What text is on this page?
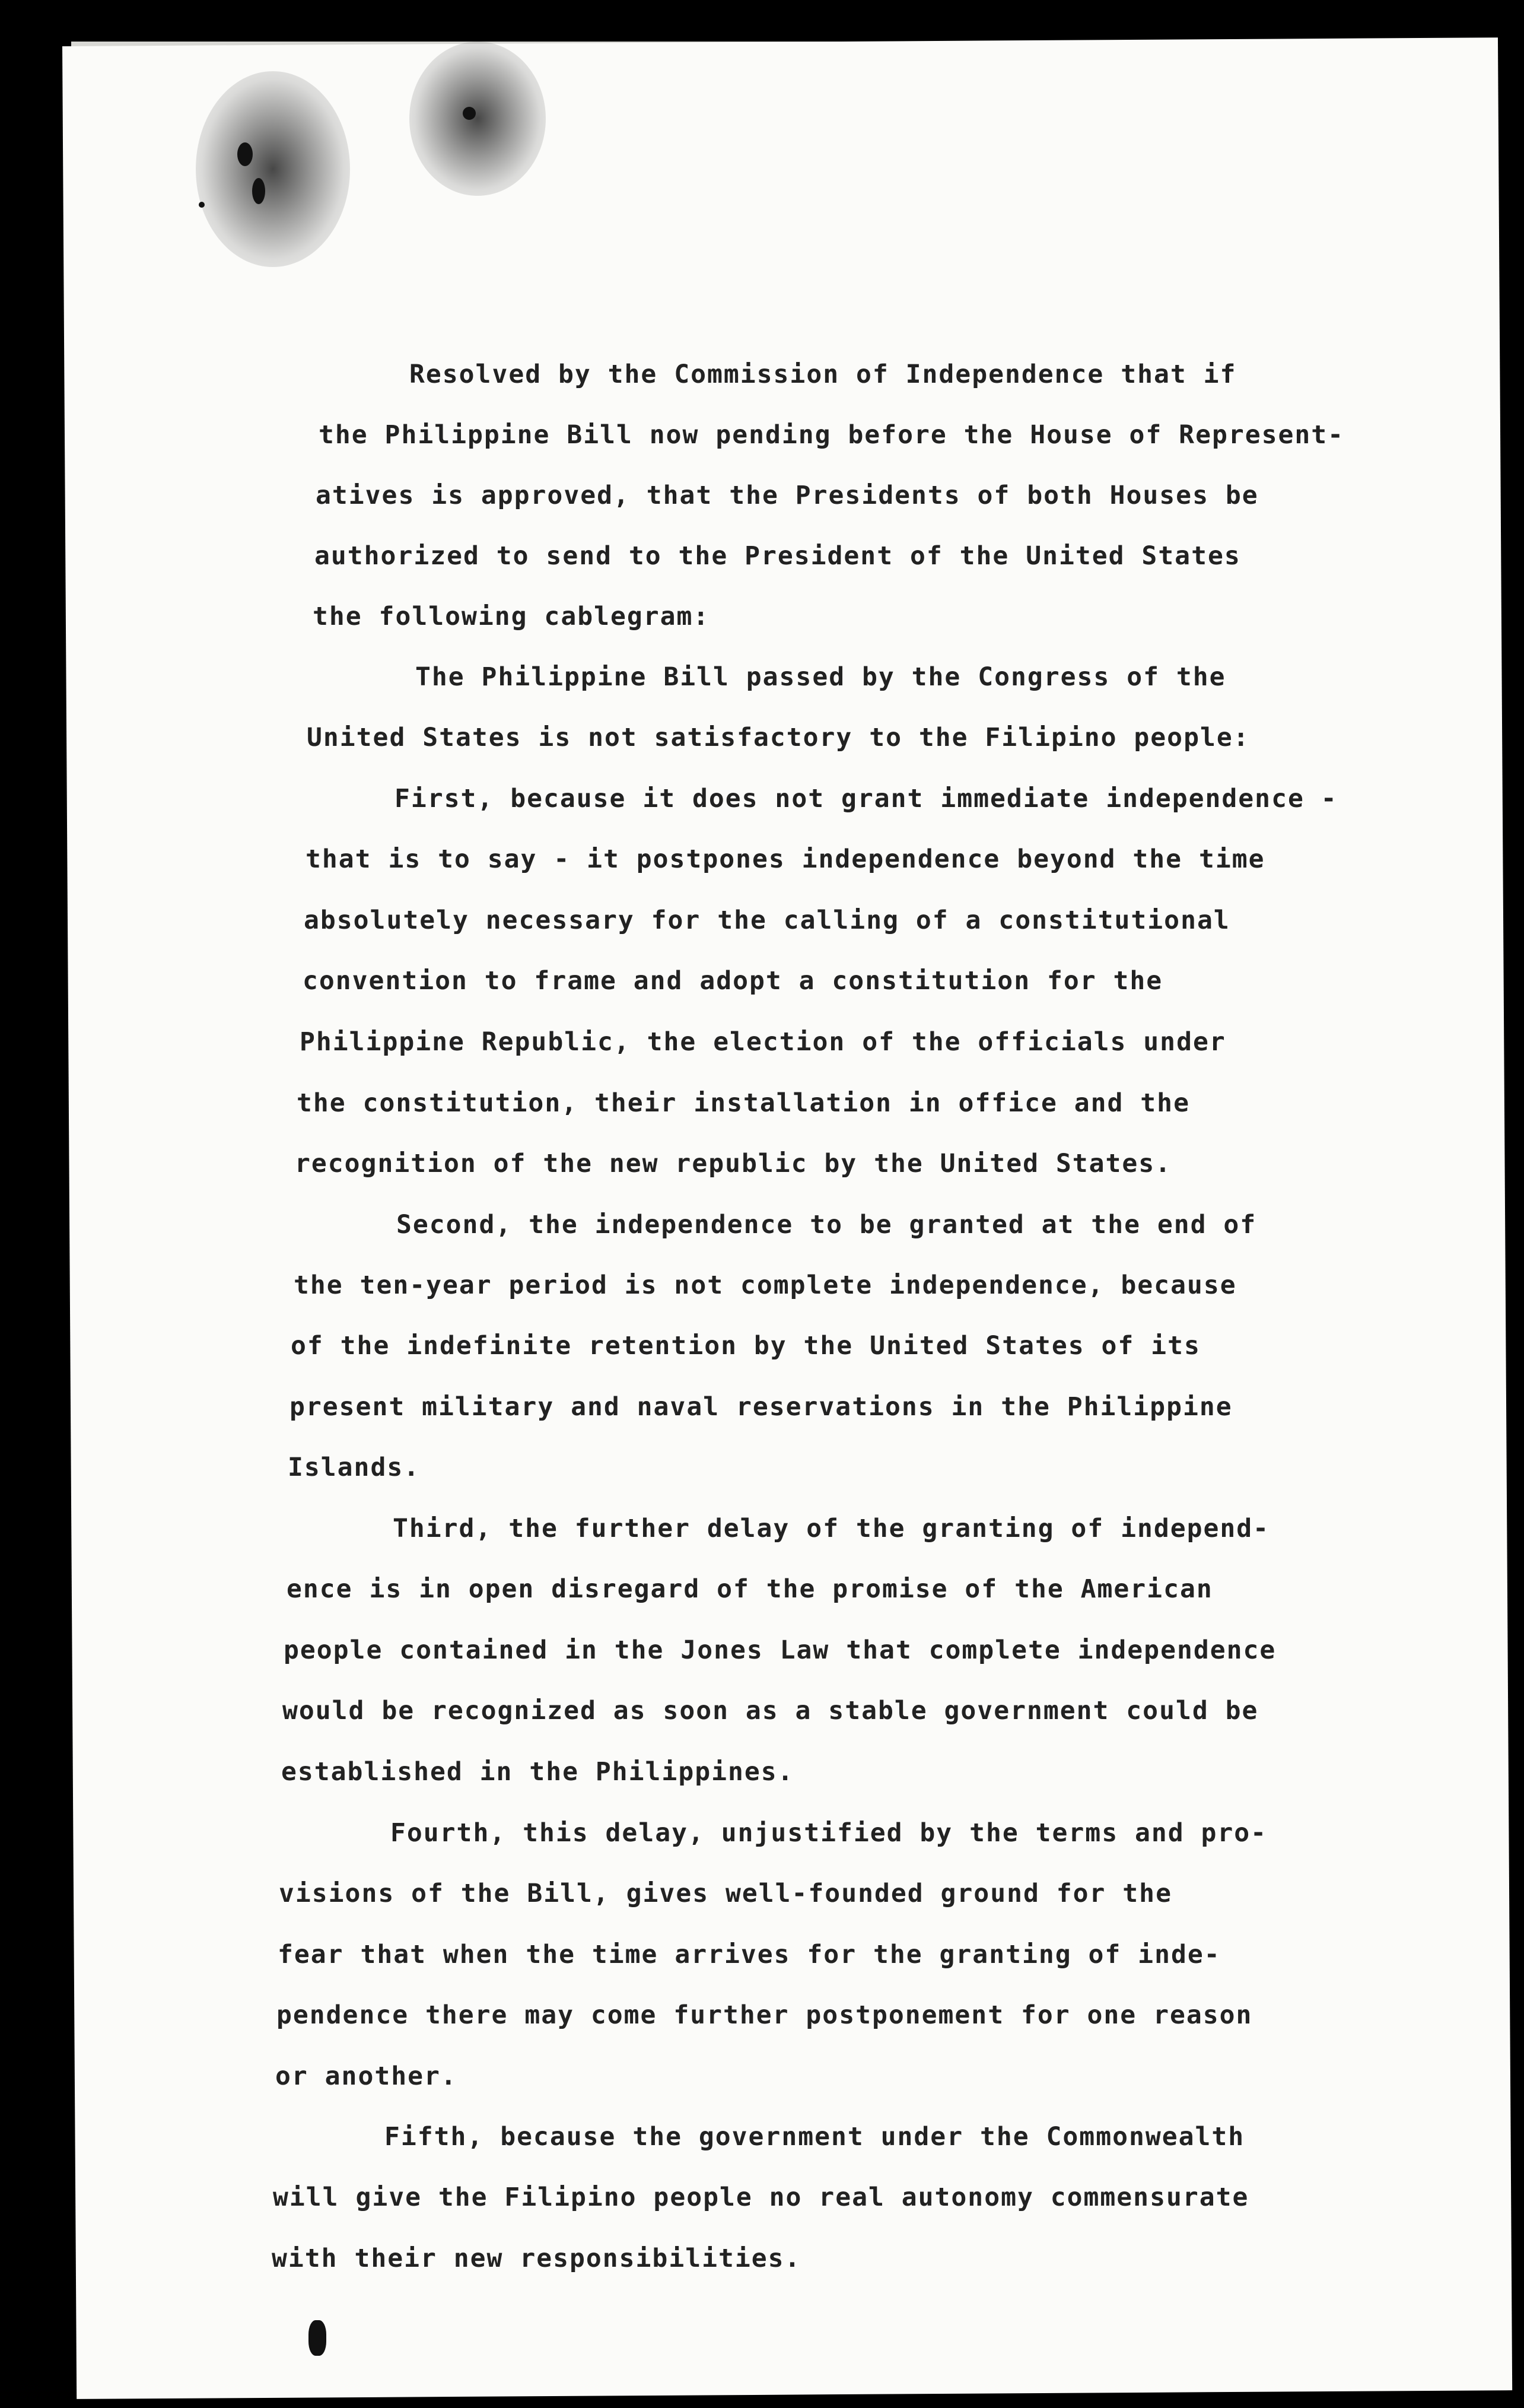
Resolved by the Commission of Independence that if
the Philippine Bill now pending before the House of Represent-
atives is approved, that the Presidents of both Houses be
authorized to send to the President of the United States
the following cablegram:
The Philippine Bill passed by the Congress of the
United States is not satisfactory to the Filipino people:
First, because it does not grant immediate independence -
that is to say - it postpones independence beyond the time
absolutely necessary for the calling of a constitutional
convention to frame and adopt a constitution for the
Philippine Republic, the election of the officials under
the constitution, their installation in office and the
recognition of the new republic by the United States.
Second, the independence to be granted at the end of
the ten-year period is not complete independence, because
of the indefinite retention by the United States of its
present military and naval reservations in the Philippine
Islands.
Third, the further delay of the granting of independ-
ence is in open disregard of the promise of the American
people contained in the Jones Law that complete independence
would be recognized as soon as a stable government could be
established in the Philippines.
Fourth, this delay, unjustified by the terms and pro-
visions of the Bill, gives well-founded ground for the
fear that when the time arrives for the granting of inde-
pendence there may come further postponement for one reason
or another.
Fifth, because the government under the Commonwealth
will give the Filipino people no real autonomy commensurate
with their new responsibilities.
